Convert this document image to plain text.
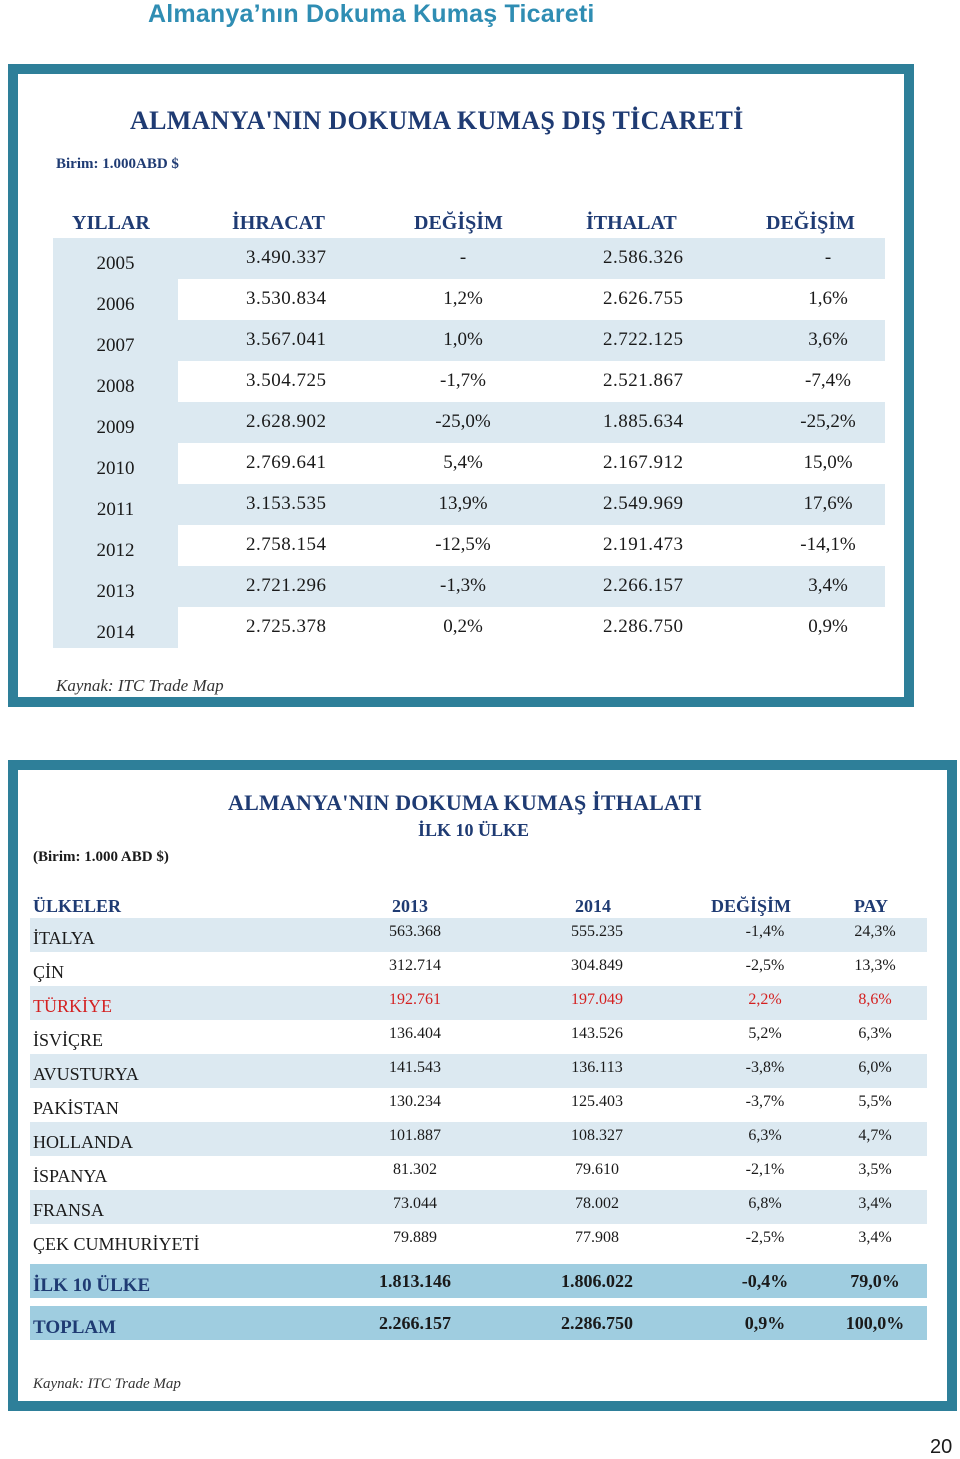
Almanya’nın Dokuma Kumaş Ticareti
ALMANYA'NIN DOKUMA KUMAŞ DIŞ TİCARETİ
Birim: 1.000ABD $
YILLAR	İHRACAT	DEĞİŞİM	İTHALAT	DEĞİŞİM
2005	3.490.337	-	2.586.326	-
2006	3.530.834	1,2%	2.626.755	1,6%
2007	3.567.041	1,0%	2.722.125	3,6%
2008	3.504.725	-1,7%	2.521.867	-7,4%
2009	2.628.902	-25,0%	1.885.634	-25,2%
2010	2.769.641	5,4%	2.167.912	15,0%
2011	3.153.535	13,9%	2.549.969	17,6%
2012	2.758.154	-12,5%	2.191.473	-14,1%
2013	2.721.296	-1,3%	2.266.157	3,4%
2014	2.725.378	0,2%	2.286.750	0,9%
Kaynak: ITC Trade Map
ALMANYA'NIN DOKUMA KUMAŞ İTHALATI
İLK 10 ÜLKE
(Birim: 1.000 ABD $)
ÜLKELER	2013	2014	DEĞİŞİM	PAY
İTALYA	563.368	555.235	-1,4%	24,3%
ÇİN	312.714	304.849	-2,5%	13,3%
TÜRKİYE	192.761	197.049	2,2%	8,6%
İSVİÇRE	136.404	143.526	5,2%	6,3%
AVUSTURYA	141.543	136.113	-3,8%	6,0%
PAKİSTAN	130.234	125.403	-3,7%	5,5%
HOLLANDA	101.887	108.327	6,3%	4,7%
İSPANYA	81.302	79.610	-2,1%	3,5%
FRANSA	73.044	78.002	6,8%	3,4%
ÇEK CUMHURİYETİ	79.889	77.908	-2,5%	3,4%
İLK 10 ÜLKE	1.813.146	1.806.022	-0,4%	79,0%
TOPLAM	2.266.157	2.286.750	0,9%	100,0%
Kaynak: ITC Trade Map
20
